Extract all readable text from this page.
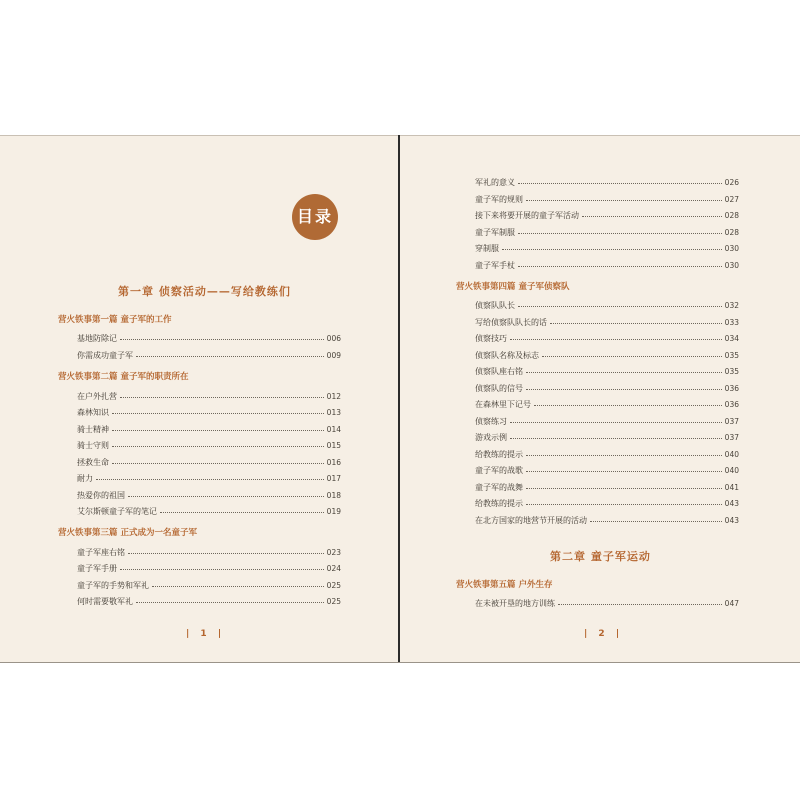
目录
第一章 侦察活动——写给教练们
营火铁事第一篇 童子军的工作
基地防除记	006
你需成功童子军	009
营火铁事第二篇 童子军的职责所在
在户外扎营	012
森林知识	013
骑士精神	014
骑士守则	015
拯救生命	016
耐力	017
热爱你的祖国	018
艾尔斯顿童子军的笔记	019
营火铁事第三篇 正式成为一名童子军
童子军座右铭	023
童子军手册	024
童子军的手势和军礼	025
何时需要敬军礼	025
| 1 |
军礼的意义	026
童子军的规则	027
接下来将要开展的童子军活动	028
童子军制服	028
穿制服	030
童子军手杖	030
营火铁事第四篇 童子军侦察队
侦察队队长	032
写给侦察队队长的话	033
侦察技巧	034
侦察队名称及标志	035
侦察队座右铭	035
侦察队的信号	036
在森林里下记号	036
侦察练习	037
游戏示例	037
给教练的提示	040
童子军的战歌	040
童子军的战舞	041
给教练的提示	043
在北方国家的地营节开展的活动	043
第二章 童子军运动
营火铁事第五篇 户外生存
在未被开垦的地方训练	047
| 2 |
